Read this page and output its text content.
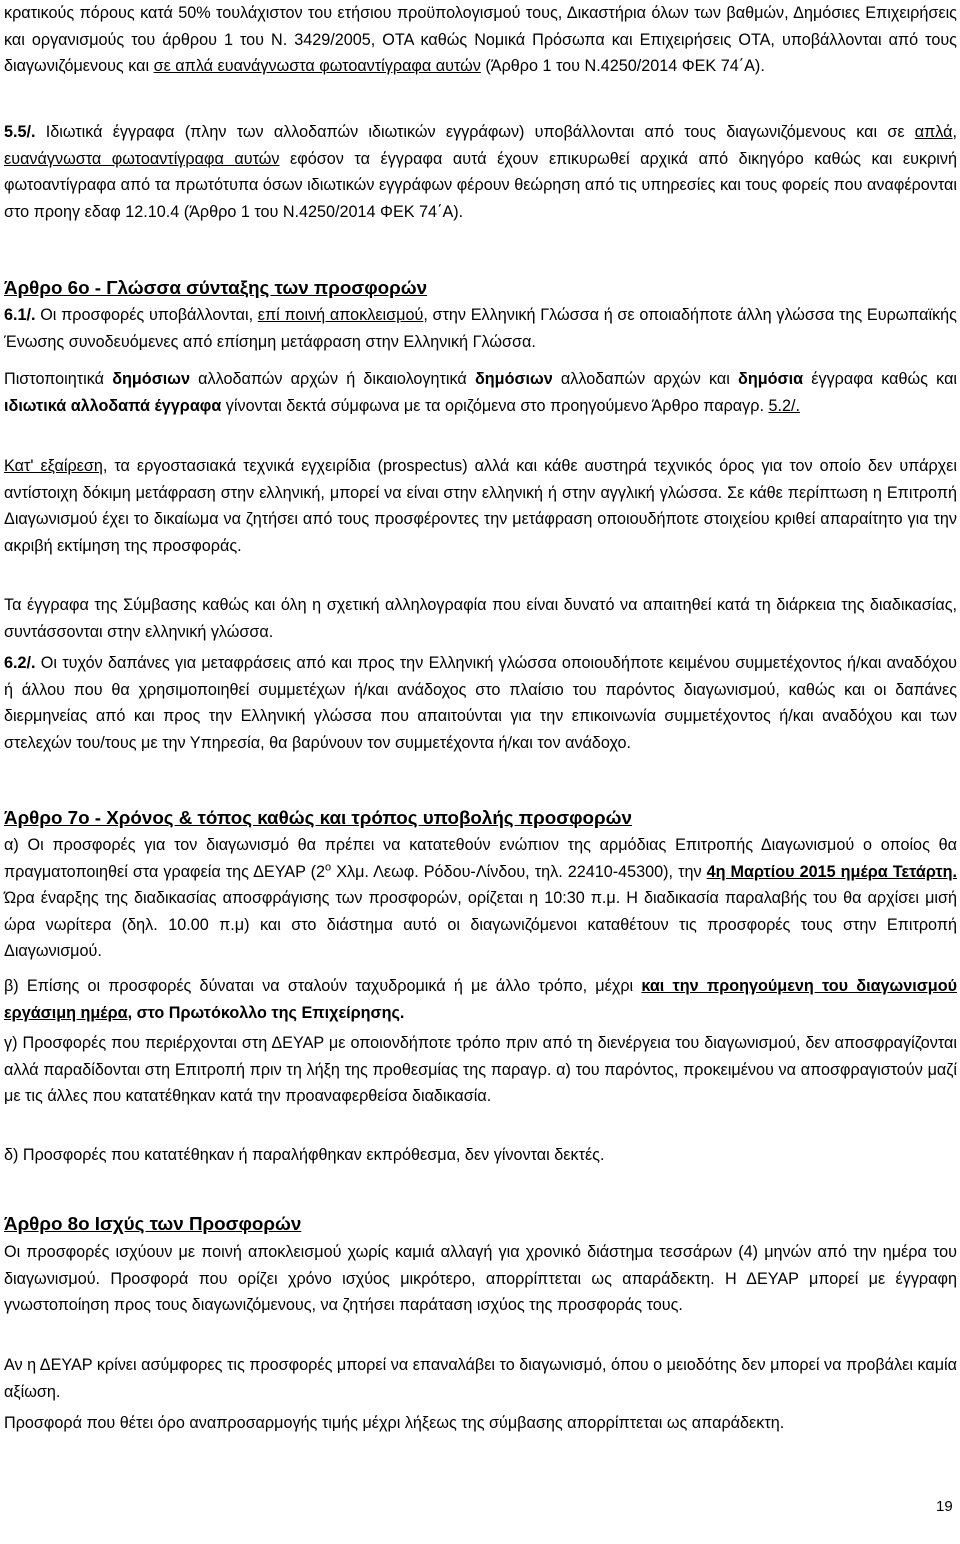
κρατικούς πόρους κατά 50% τουλάχιστον του ετήσιου προϋπολογισμού τους, Δικαστήρια όλων των βαθμών, Δημόσιες Επιχειρήσεις και οργανισμούς του άρθρου 1 του Ν. 3429/2005, ΟΤΑ καθώς Νομικά Πρόσωπα και Επιχειρήσεις ΟΤΑ, υποβάλλονται από τους διαγωνιζόμενους και σε απλά ευανάγνωστα φωτοαντίγραφα αυτών (Άρθρο 1 του Ν.4250/2014 ΦΕΚ 74΄Α).
5.5/. Ιδιωτικά έγγραφα (πλην των αλλοδαπών ιδιωτικών εγγράφων) υποβάλλονται από τους διαγωνιζόμενους και σε απλά, ευανάγνωστα φωτοαντίγραφα αυτών εφόσον τα έγγραφα αυτά έχουν επικυρωθεί αρχικά από δικηγόρο καθώς και ευκρινή φωτοαντίγραφα από τα πρωτότυπα όσων ιδιωτικών εγγράφων φέρουν θεώρηση από τις υπηρεσίες και τους φορείς που αναφέρονται στο προηγ εδαφ 12.10.4 (Άρθρο 1 του Ν.4250/2014 ΦΕΚ 74΄Α).
Άρθρο 6ο - Γλώσσα σύνταξης των προσφορών
6.1/. Οι προσφορές υποβάλλονται, επί ποινή αποκλεισμού, στην Ελληνική Γλώσσα ή σε οποιαδήποτε άλλη γλώσσα της Ευρωπαϊκής Ένωσης συνοδευόμενες από επίσημη μετάφραση στην Ελληνική Γλώσσα.
Πιστοποιητικά δημόσιων αλλοδαπών αρχών ή δικαιολογητικά δημόσιων αλλοδαπών αρχών και δημόσια έγγραφα καθώς και ιδιωτικά αλλοδαπά έγγραφα γίνονται δεκτά σύμφωνα με τα οριζόμενα στο προηγούμενο Άρθρο παραγρ. 5.2/.
Κατ' εξαίρεση, τα εργοστασιακά τεχνικά εγχειρίδια (prospectus) αλλά και κάθε αυστηρά τεχνικός όρος για τον οποίο δεν υπάρχει αντίστοιχη δόκιμη μετάφραση στην ελληνική, μπορεί να είναι στην ελληνική ή στην αγγλική γλώσσα. Σε κάθε περίπτωση η Επιτροπή Διαγωνισμού έχει το δικαίωμα να ζητήσει από τους προσφέροντες την μετάφραση οποιουδήποτε στοιχείου κριθεί απαραίτητο για την ακριβή εκτίμηση της προσφοράς.
Τα έγγραφα της Σύμβασης καθώς και όλη η σχετική αλληλογραφία που είναι δυνατό να απαιτηθεί κατά τη διάρκεια της διαδικασίας, συντάσσονται στην ελληνική γλώσσα.
6.2/. Οι τυχόν δαπάνες για μεταφράσεις από και προς την Ελληνική γλώσσα οποιουδήποτε κειμένου συμμετέχοντος ή/και αναδόχου ή άλλου που θα χρησιμοποιηθεί συμμετέχων ή/και ανάδοχος στο πλαίσιο του παρόντος διαγωνισμού, καθώς και οι δαπάνες διερμηνείας από και προς την Ελληνική γλώσσα που απαιτούνται για την επικοινωνία συμμετέχοντος ή/και αναδόχου και των στελεχών του/τους με την Υπηρεσία, θα βαρύνουν τον συμμετέχοντα ή/και τον ανάδοχο.
Άρθρο 7ο - Χρόνος & τόπος καθώς και τρόπος υποβολής προσφορών
α) Οι προσφορές για τον διαγωνισμό θα πρέπει να κατατεθούν ενώπιον της αρμόδιας Επιτροπής Διαγωνισμού ο οποίος θα πραγματοποιηθεί στα γραφεία της ΔΕΥΑΡ ($2^o$ Χλμ. Λεωφ. Ρόδου-Λίνδου, τηλ. 22410-45300), την 4η Μαρτίου 2015 ημέρα Τετάρτη. Ώρα έναρξης της διαδικασίας αποσφράγισης των προσφορών, ορίζεται η 10:30 π.μ. Η διαδικασία παραλαβής του θα αρχίσει μισή ώρα νωρίτερα (δηλ. 10.00 π.μ) και στο διάστημα αυτό οι διαγωνιζόμενοι καταθέτουν τις προσφορές τους στην Επιτροπή Διαγωνισμού.
β) Επίσης οι προσφορές δύναται να σταλούν ταχυδρομικά ή με άλλο τρόπο, μέχρι και την προηγούμενη του διαγωνισμού εργάσιμη ημέρα, στο Πρωτόκολλο της Επιχείρησης.
γ) Προσφορές που περιέρχονται στη ΔΕΥΑΡ με οποιονδήποτε τρόπο πριν από τη διενέργεια του διαγωνισμού, δεν αποσφραγίζονται αλλά παραδίδονται στη Επιτροπή πριν τη λήξη της προθεσμίας της παραγρ. α) του παρόντος, προκειμένου να αποσφραγιστούν μαζί με τις άλλες που κατατέθηκαν κατά την προαναφερθείσα διαδικασία.
δ) Προσφορές που κατατέθηκαν ή παραλήφθηκαν εκπρόθεσμα, δεν γίνονται δεκτές.
Άρθρο 8ο Ισχύς των Προσφορών
Οι προσφορές ισχύουν με ποινή αποκλεισμού χωρίς καμιά αλλαγή για χρονικό διάστημα τεσσάρων (4) μηνών από την ημέρα του διαγωνισμού. Προσφορά που ορίζει χρόνο ισχύος μικρότερο, απορρίπτεται ως απαράδεκτη. Η ΔΕΥΑΡ μπορεί με έγγραφη γνωστοποίηση προς τους διαγωνιζόμενους, να ζητήσει παράταση ισχύος της προσφοράς τους.
Αν η ΔΕΥΑΡ κρίνει ασύμφορες τις προσφορές μπορεί να επαναλάβει το διαγωνισμό, όπου ο μειοδότης δεν μπορεί να προβάλει καμία αξίωση.
Προσφορά που θέτει όρο αναπροσαρμογής τιμής μέχρι λήξεως της σύμβασης απορρίπτεται ως απαράδεκτη.
19
